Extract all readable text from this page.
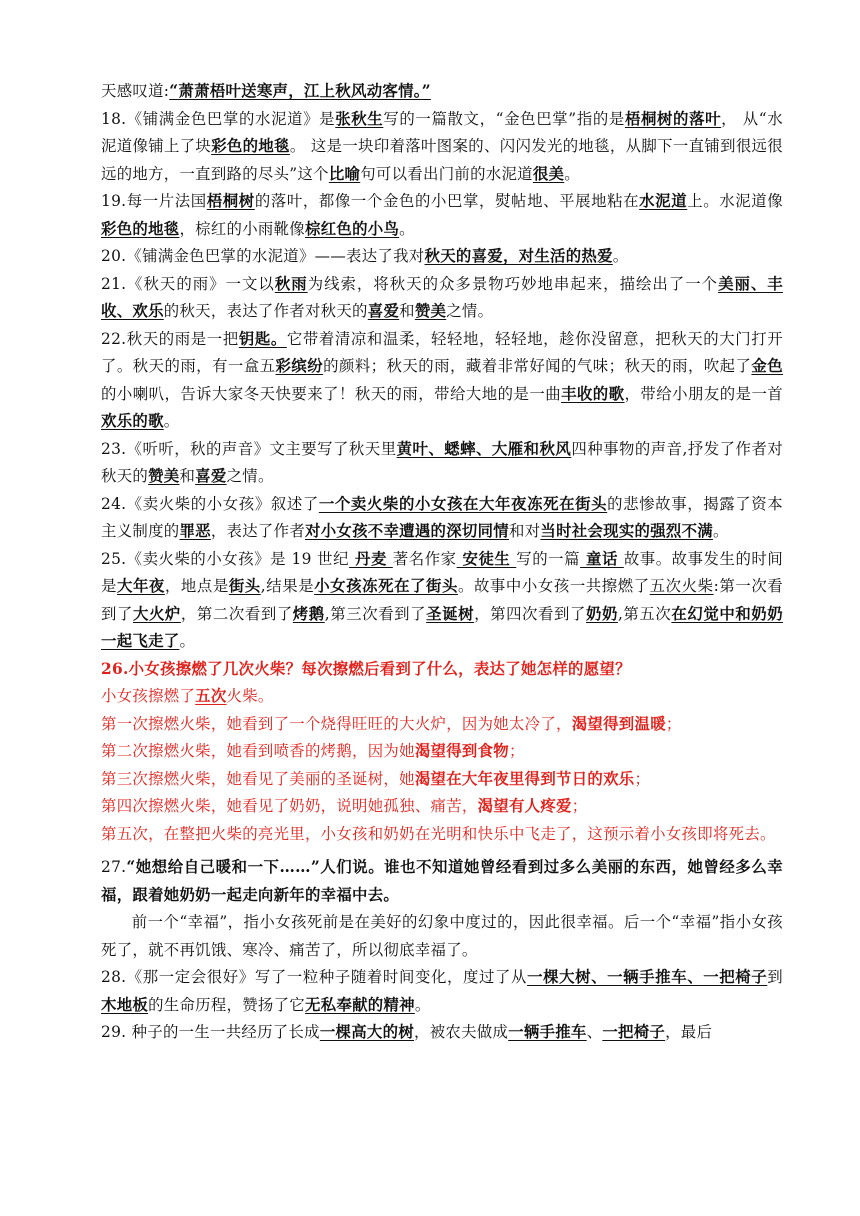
天感叹道:“萧萧梧叶送寒声，江上秋风动客情。”

18.《铺满金色巴掌的水泥道》是张秋生写的一篇散文，“金色巴掌”指的是梧桐树的落叶， 从“水泥道像铺上了块彩色的地毯。 这是一块印着落叶图案的、闪闪发光的地毯，从脚下一直铺到很远很远的地方，一直到路的尽头”这个比喻句可以看出门前的水泥道很美。

19.每一片法国梧桐树的落叶，都像一个金色的小巴掌，熨帖地、平展地粘在水泥道上。水泥道像彩色的地毯，棕红的小雨靴像棕红色的小鸟。

20.《铺满金色巴掌的水泥道》——表达了我对秋天的喜爱，对生活的热爱。

21.《秋天的雨》一文以秋雨为线索，将秋天的众多景物巧妙地串起来，描绘出了一个美丽、丰收、欢乐的秋天，表达了作者对秋天的喜爱和赞美之情。

22.秋天的雨是一把钥匙。它带着清凉和温柔，轻轻地，轻轻地，趁你没留意，把秋天的大门打开了。秋天的雨，有一盒五彩缤纷的颜料；秋天的雨，藏着非常好闻的气味；秋天的雨，吹起了金色的小喇叭，告诉大家冬天快要来了！秋天的雨，带给大地的是一曲丰收的歌，带给小朋友的是一首欢乐的歌。

23.《听听，秋的声音》文主要写了秋天里黄叶、蟋蟀、大雁和秋风四种事物的声音,抒发了作者对秋天的赞美和喜爱之情。

24.《卖火柴的小女孩》叙述了一个卖火柴的小女孩在大年夜冻死在街头的悲惨故事，揭露了资本主义制度的罪恶，表达了作者对小女孩不幸遭遇的深切同情和对当时社会现实的强烈不满。

25.《卖火柴的小女孩》是 19 世纪 丹麦 著名作家 安徒生 写的一篇 童话 故事。故事发生的时间是大年夜，地点是街头,结果是小女孩冻死在了街头。故事中小女孩一共擦燃了五次火柴:第一次看到了大火炉，第二次看到了烤鹅,第三次看到了圣诞树，第四次看到了奶奶,第五次在幻觉中和奶奶一起飞走了。

26.小女孩擦燃了几次火柴？每次擦燃后看到了什么，表达了她怎样的愿望？

小女孩擦燃了五次火柴。

第一次擦燃火柴，她看到了一个烧得旺旺的大火炉，因为她太冷了，渴望得到温暖；

第二次擦燃火柴，她看到喷香的烤鹅，因为她渴望得到食物；

第三次擦燃火柴，她看见了美丽的圣诞树，她渴望在大年夜里得到节日的欢乐；

第四次擦燃火柴，她看见了奶奶，说明她孤独、痛苦，渴望有人疼爱；

第五次，在整把火柴的亮光里，小女孩和奶奶在光明和快乐中飞走了，这预示着小女孩即将死去。

27.“她想给自己暖和一下……”人们说。谁也不知道她曾经看到过多么美丽的东西，她曾经多么幸福，跟着她奶奶一起走向新年的幸福中去。

前一个“幸福”，指小女孩死前是在美好的幻象中度过的，因此很幸福。后一个“幸福”指小女孩死了，就不再饥饿、寒冷、痛苦了，所以彻底幸福了。

28.《那一定会很好》写了一粒种子随着时间变化，度过了从一棵大树、一辆手推车、一把椅子到木地板的生命历程，赞扬了它无私奉献的精神。

29. 种子的一生一共经历了长成一棵高大的树，被农夫做成一辆手推车、一把椅子，最后
